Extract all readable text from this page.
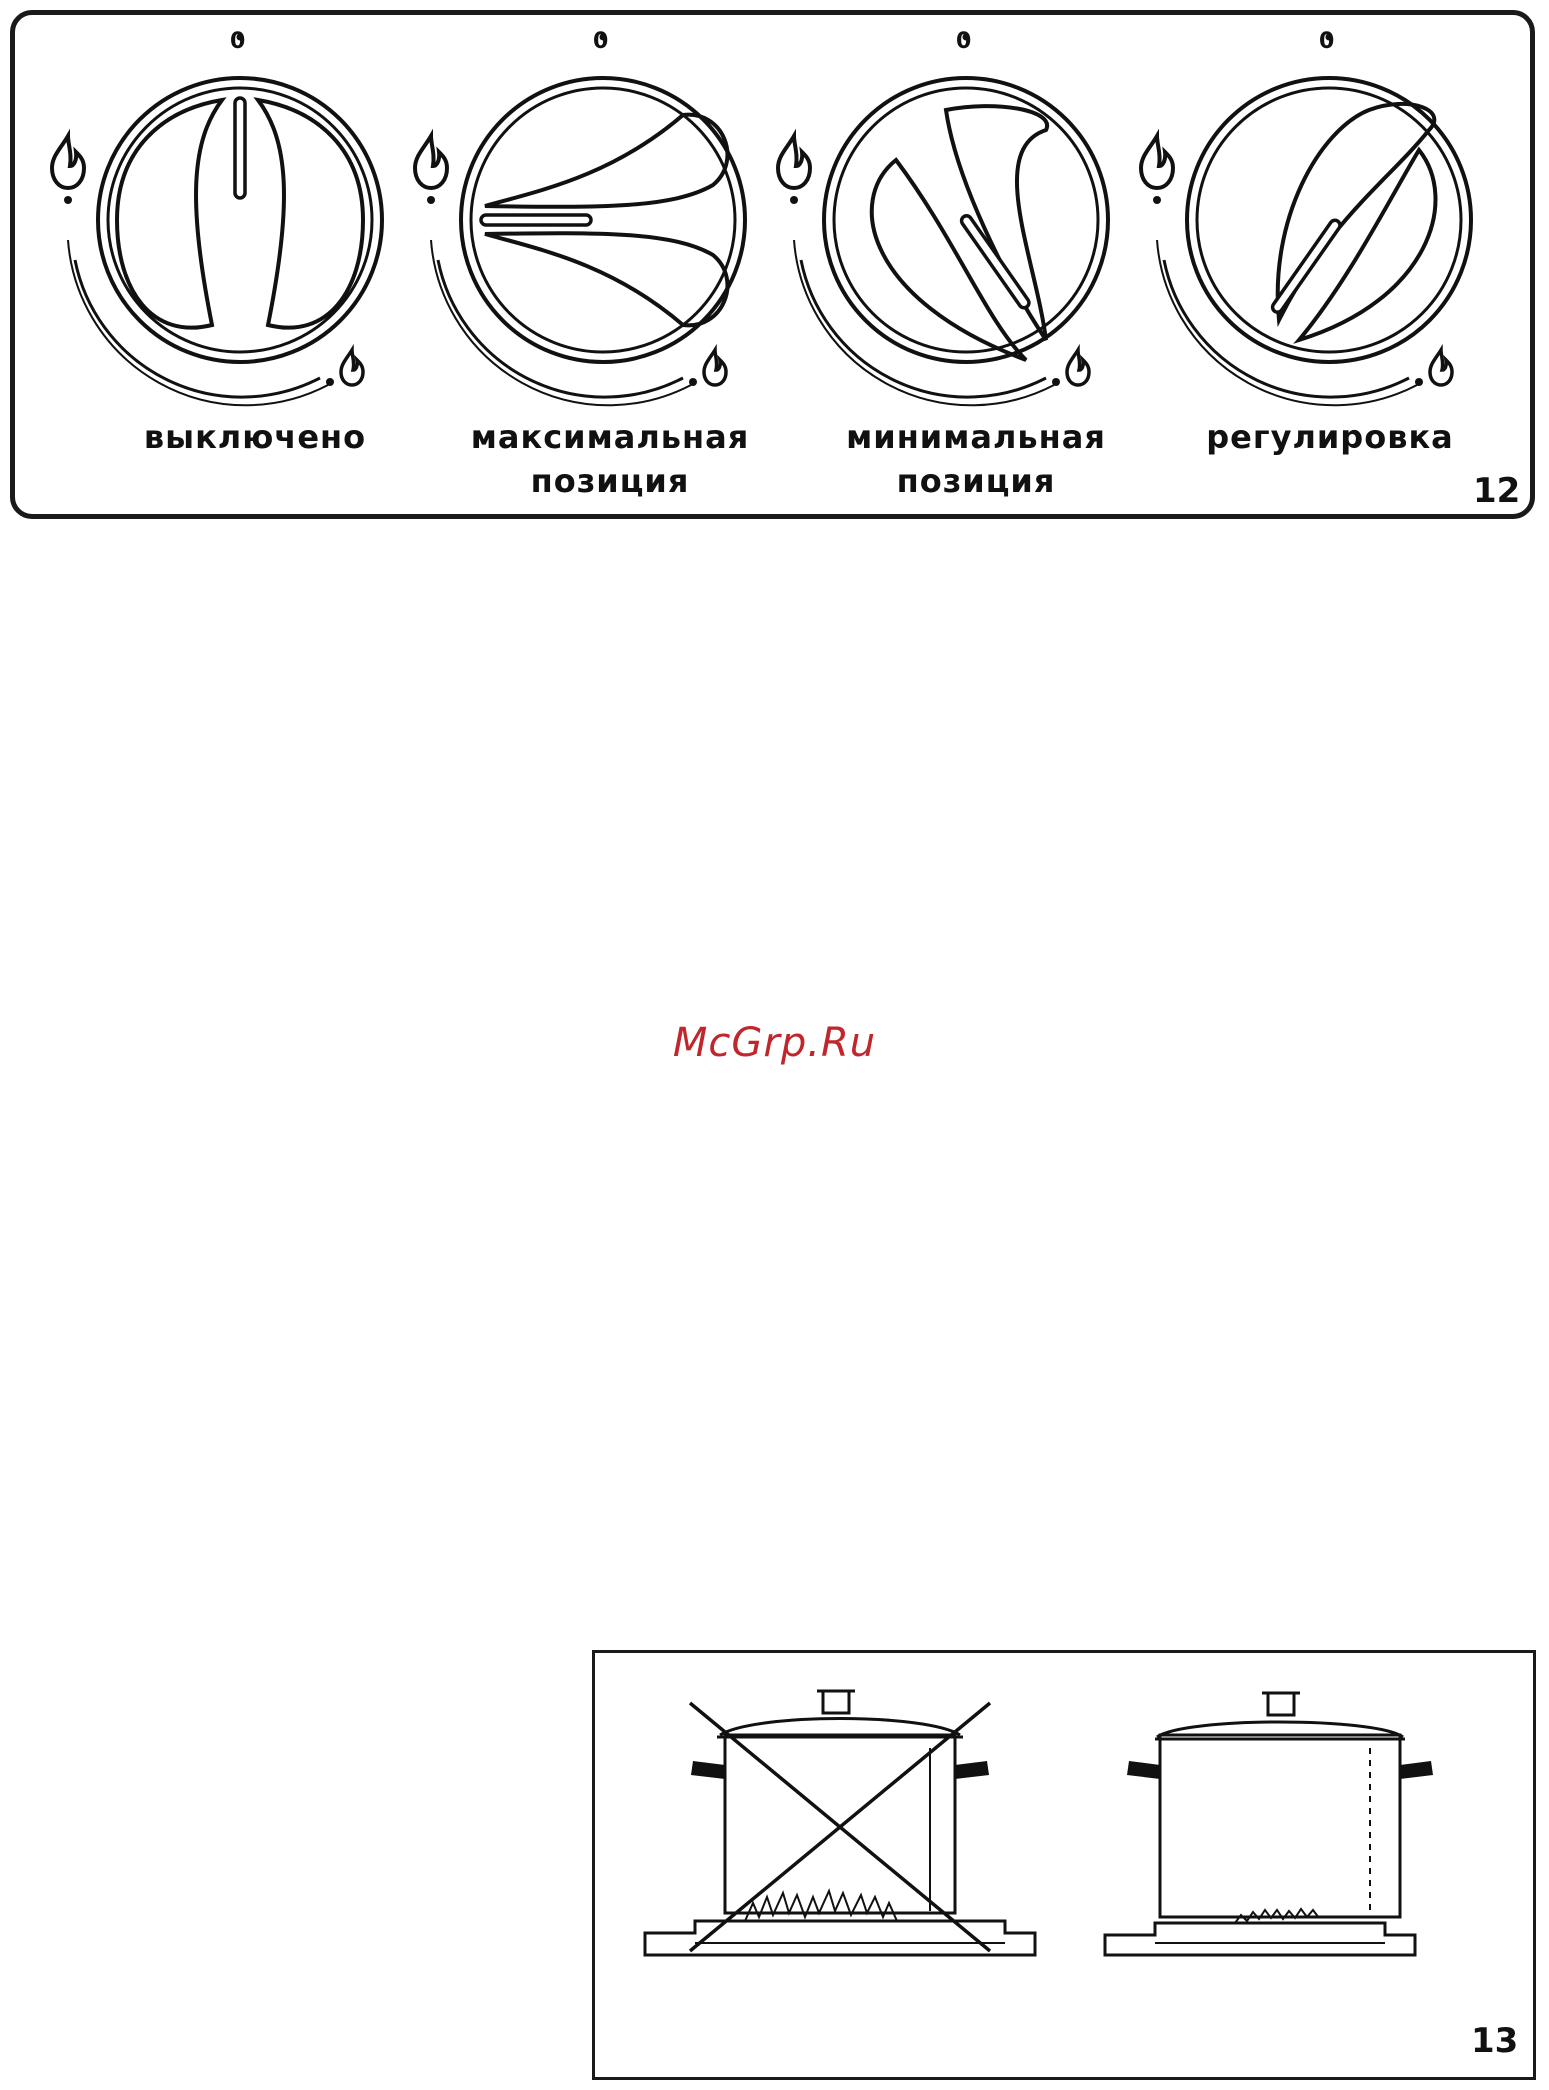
0	0	0	0
выключено	максимальная
позиция
минимальная
позиция
регулировка
12
McGrp.Ru
13
